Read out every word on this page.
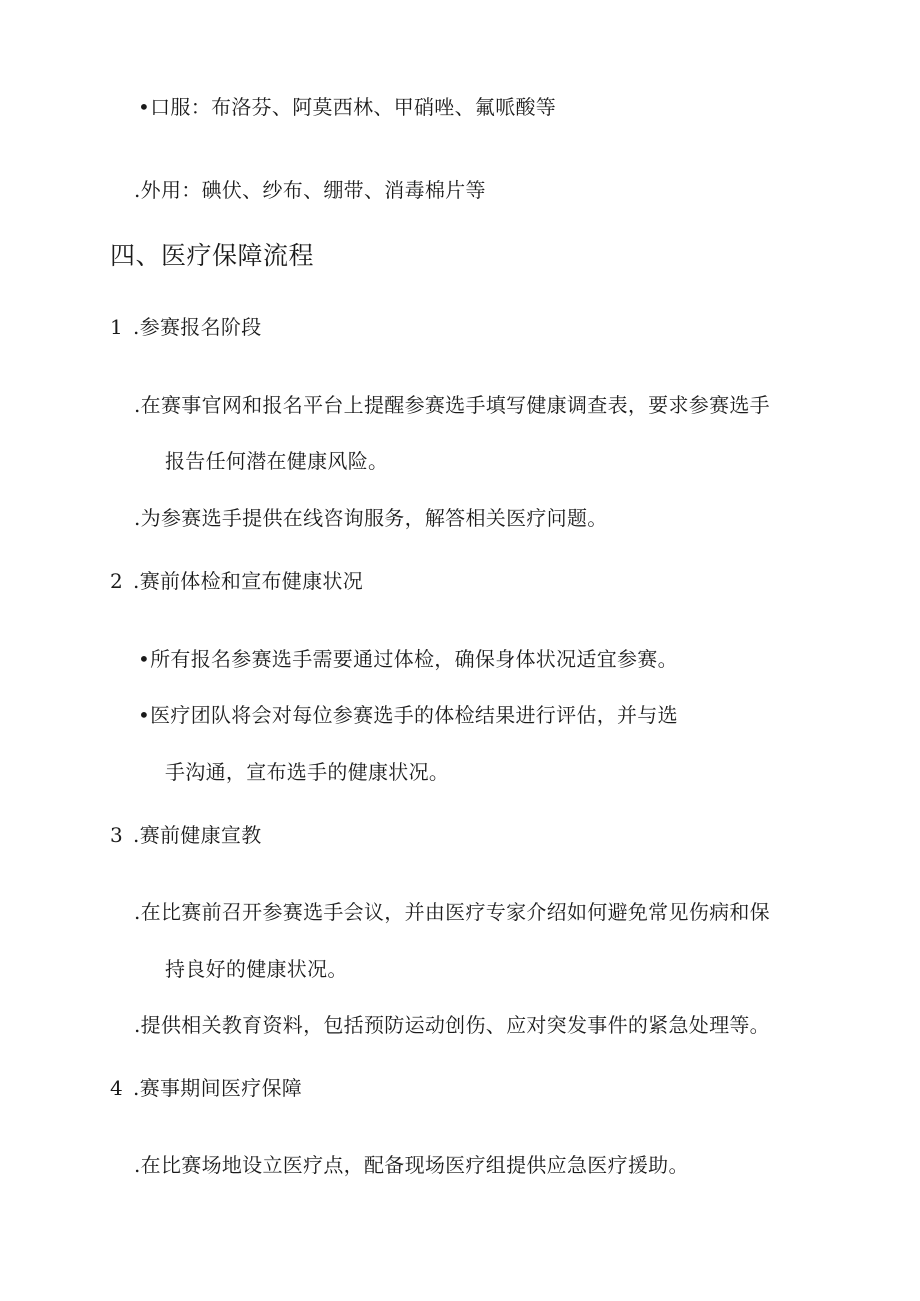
•口服：布洛芬、阿莫西林、甲硝唑、氟哌酸等
.外用：碘伏、纱布、绷带、消毒棉片等
四、医疗保障流程
1 .参赛报名阶段
.在赛事官网和报名平台上提醒参赛选手填写健康调查表，要求参赛选手
报告任何潜在健康风险。
.为参赛选手提供在线咨询服务，解答相关医疗问题。
2 .赛前体检和宣布健康状况
•所有报名参赛选手需要通过体检，确保身体状况适宜参赛。
•医疗团队将会对每位参赛选手的体检结果进行评估，并与选
手沟通，宣布选手的健康状况。
3 .赛前健康宣教
.在比赛前召开参赛选手会议，并由医疗专家介绍如何避免常见伤病和保
持良好的健康状况。
.提供相关教育资料，包括预防运动创伤、应对突发事件的紧急处理等。
4 .赛事期间医疗保障
.在比赛场地设立医疗点，配备现场医疗组提供应急医疗援助。
